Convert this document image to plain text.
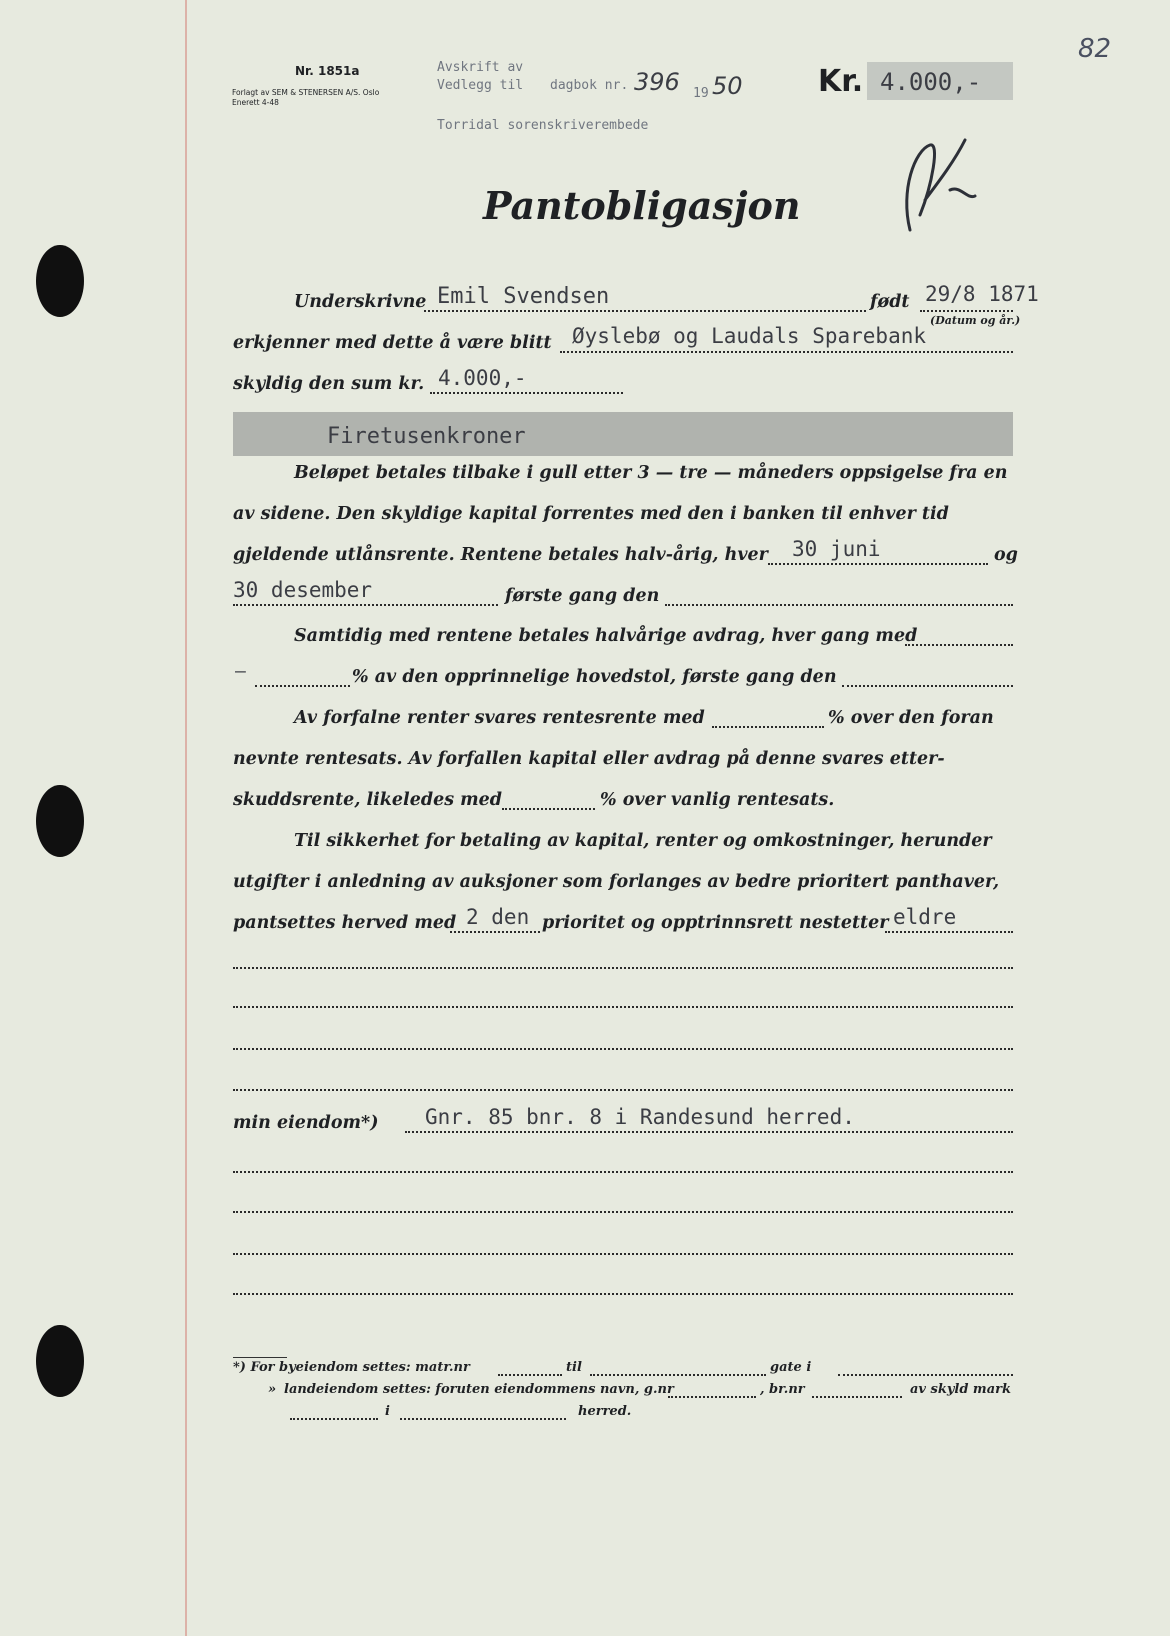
82
Nr. 1851a
Forlagt av SEM & STENERSEN A/S. Oslo
Enerett 4-48
Avskrift av
Vedlegg til dagbok nr. 396 19 50
Torridal sorenskriverembede
Kr. 4.000,-
Pantobligasjon
Underskrivne Emil Svendsen	født 29/8 1871
(Datum og år.)
erkjenner med dette å være blitt Øyslebø og Laudals Sparebank
skyldig den sum kr. 4.000,-
Firetusenkroner
Beløpet betales tilbake i gull etter 3 — tre — måneders oppsigelse fra en
av sidene. Den skyldige kapital forrentes med den i banken til enhver tid
gjeldende utlånsrente. Rentene betales halv-årig, hver 30 juni	og
30 desember	første gang den
Samtidig med rentene betales halvårige avdrag, hver gang med
—	% av den opprinnelige hovedstol, første gang den
Av forfalne renter svares rentesrente med	% over den foran
nevnte rentesats. Av forfallen kapital eller avdrag på denne svares etter-
skuddsrente, likeledes med	% over vanlig rentesats.
Til sikkerhet for betaling av kapital, renter og omkostninger, herunder
utgifter i anledning av auksjoner som forlanges av bedre prioritert panthaver,
pantsettes herved med 2 den prioritet og opptrinnsrett nestetter eldre
min eiendom*) Gnr. 85 bnr. 8 i Randesund herred.
*) For byeiendom settes: matr.nr	til	gate i
» landeiendom settes: foruten eiendommens navn, g.nr	, br.nr	av skyld mark
i	herred.
